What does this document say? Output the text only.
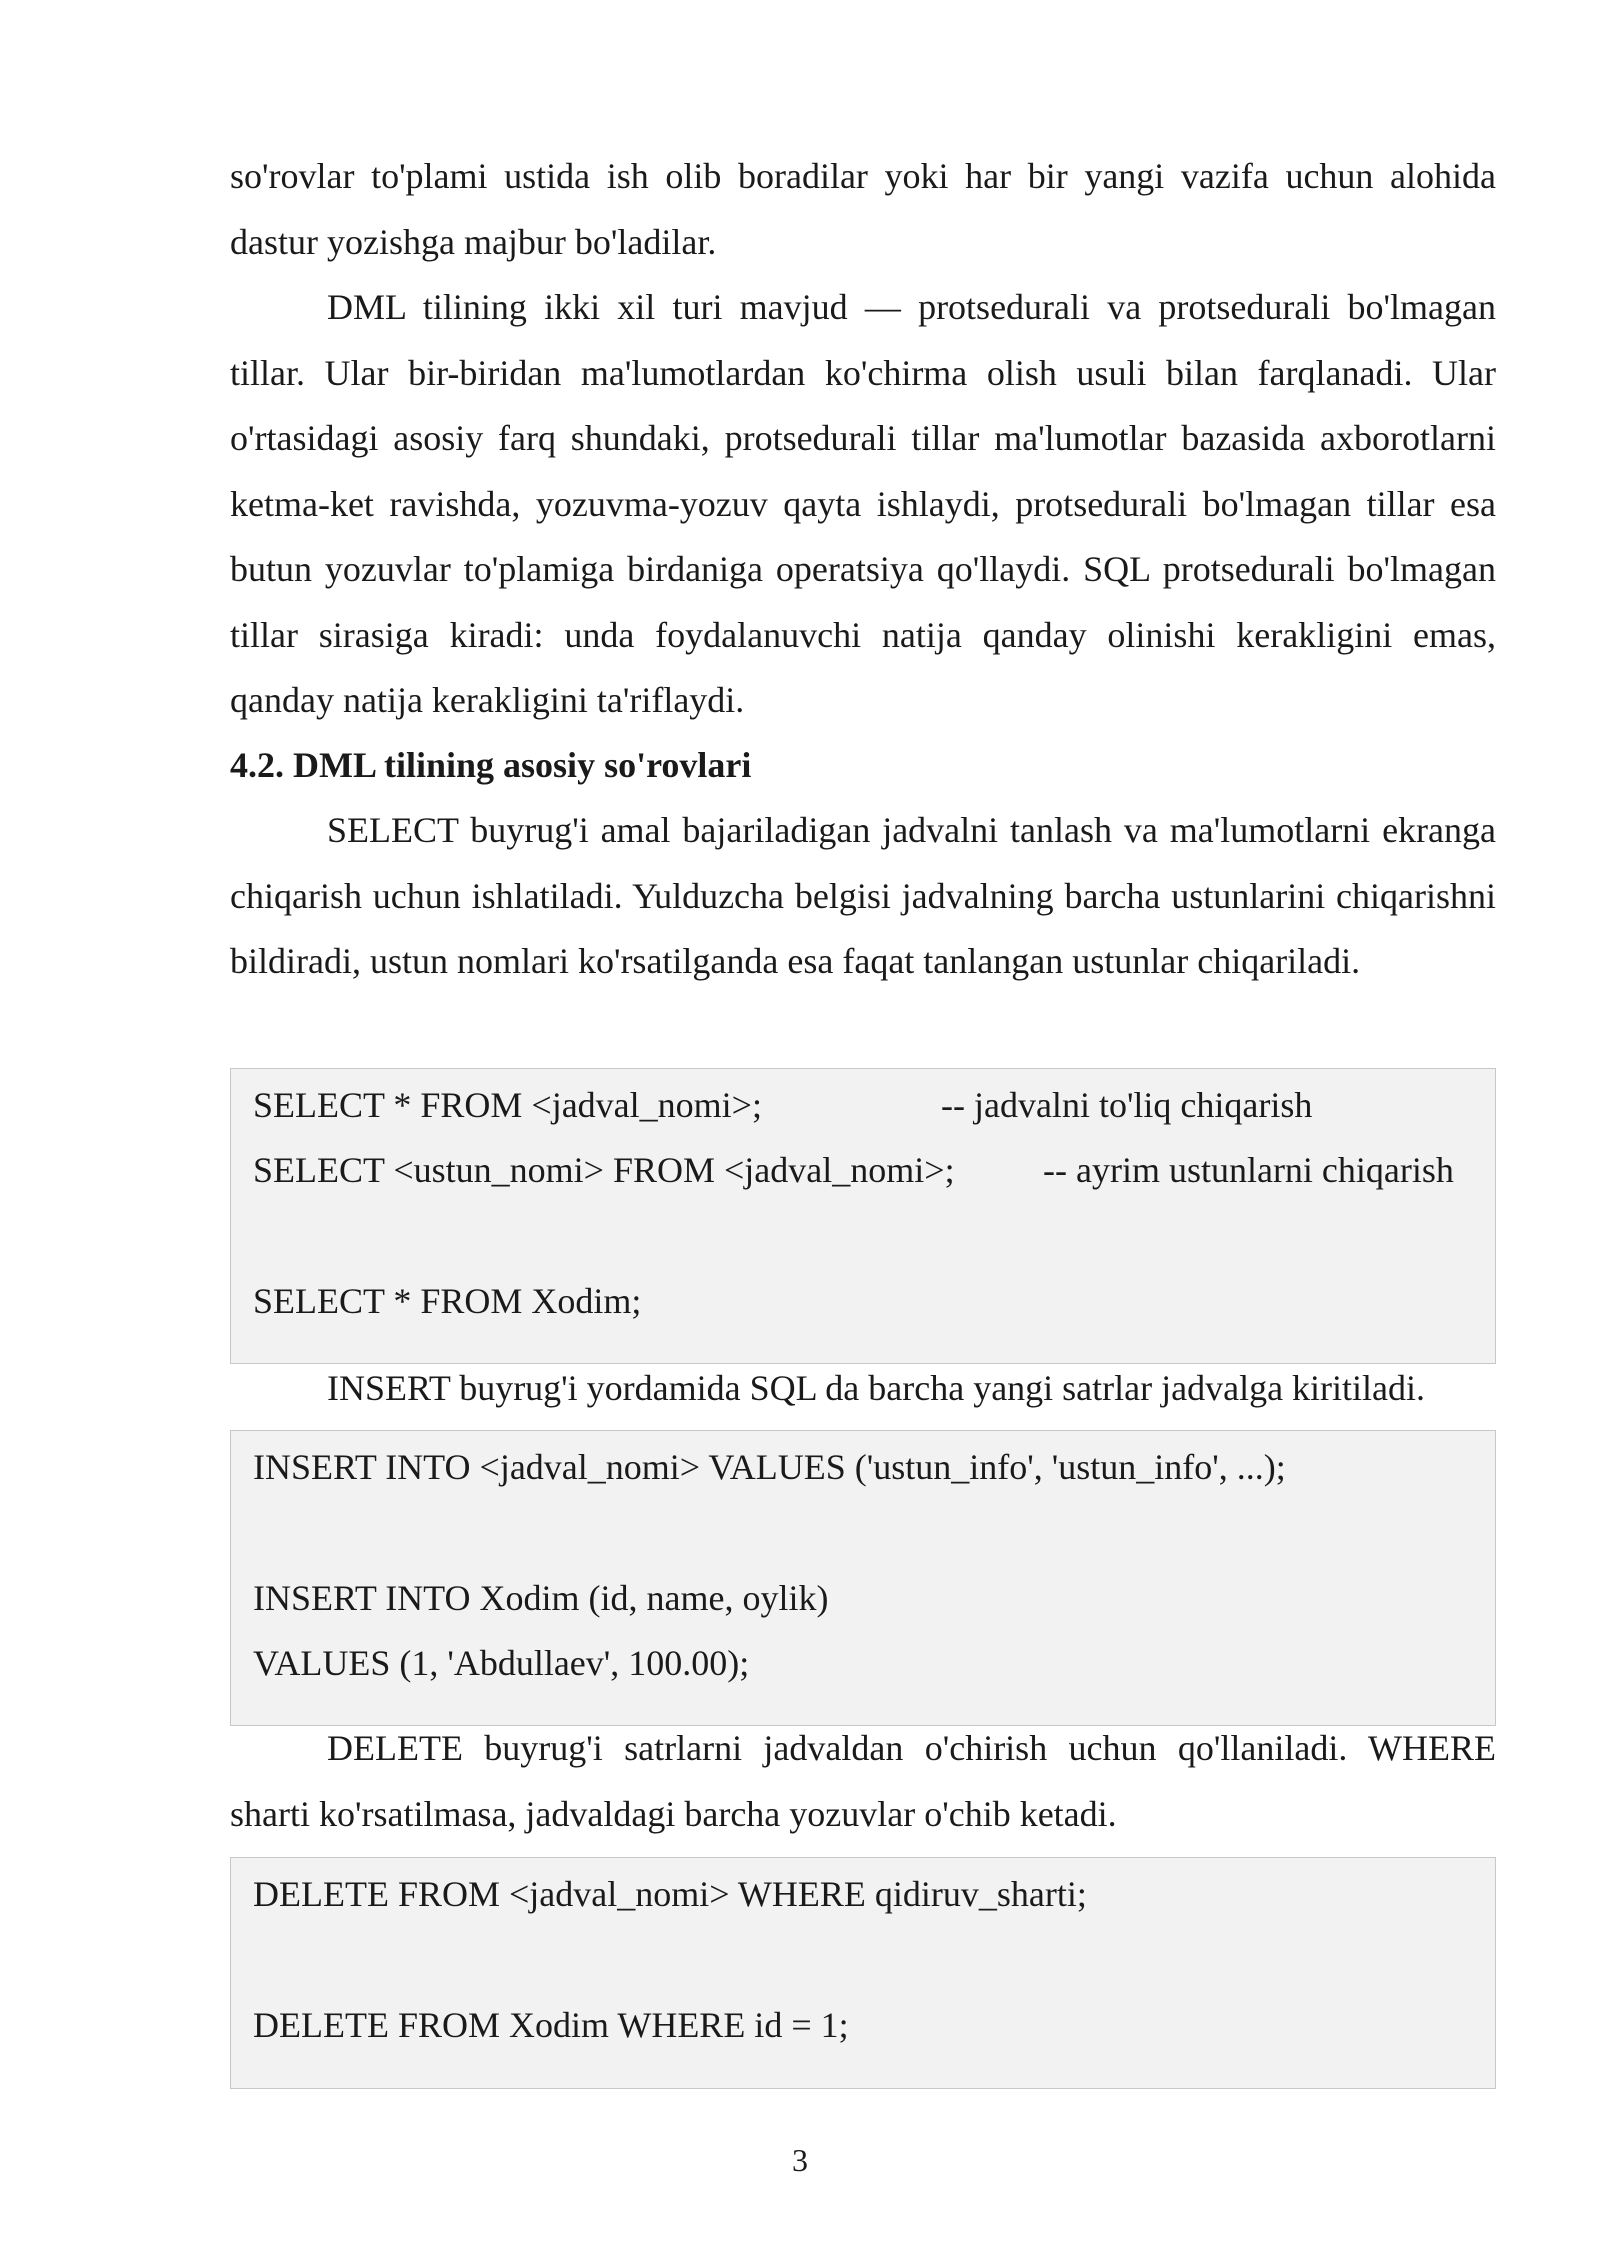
so'rovlar to'plami ustida ish olib boradilar yoki har bir yangi vazifa uchun alohida dastur yozishga majbur bo'ladilar.

DML tilining ikki xil turi mavjud — protsedurali va protsedurali bo'lmagan tillar. Ular bir-biridan ma'lumotlardan ko'chirma olish usuli bilan farqlanadi. Ular o'rtasidagi asosiy farq shundaki, protsedurali tillar ma'lumotlar bazasida axborotlarni ketma-ket ravishda, yozuvma-yozuv qayta ishlaydi, protsedurali bo'lmagan tillar esa butun yozuvlar to'plamiga birdaniga operatsiya qo'llaydi. SQL protsedurali bo'lmagan tillar sirasiga kiradi: unda foydalanuvchi natija qanday olinishi kerakligini emas, qanday natija kerakligini ta'riflaydi.

4.2. DML tilining asosiy so'rovlari

SELECT buyrug'i amal bajariladigan jadvalni tanlash va ma'lumotlarni ekranga chiqarish uchun ishlatiladi. Yulduzcha belgisi jadvalning barcha ustunlarini chiqarishni bildiradi, ustun nomlari ko'rsatilganda esa faqat tanlangan ustunlar chiqariladi.

SELECT * FROM <jadval_nomi>;	-- jadvalni to'liq chiqarish
SELECT <ustun_nomi> FROM <jadval_nomi>; -- ayrim ustunlarni chiqarish
SELECT * FROM Xodim;

INSERT buyrug'i yordamida SQL da barcha yangi satrlar jadvalga kiritiladi.

INSERT INTO <jadval_nomi> VALUES ('ustun_info', 'ustun_info', ...);
INSERT INTO Xodim (id, name, oylik)
VALUES (1, 'Abdullaev', 100.00);

DELETE buyrug'i satrlarni jadvaldan o'chirish uchun qo'llaniladi. WHERE sharti ko'rsatilmasa, jadvaldagi barcha yozuvlar o'chib ketadi.

DELETE FROM <jadval_nomi> WHERE qidiruv_sharti;
DELETE FROM Xodim WHERE id = 1;
3
